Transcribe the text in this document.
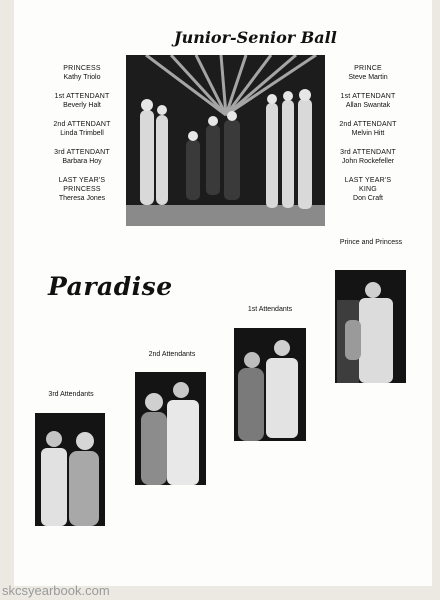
Junior-Senior Ball
PRINCESS
Kathy Triolo
1st ATTENDANT
Beverly Halt
2nd ATTENDANT
Linda Trimbell
3rd ATTENDANT
Barbara Hoy
LAST YEAR'S PRINCESS
Theresa Jones
PRINCE
Steve Martin
1st ATTENDANT
Allan Swantak
2nd ATTENDANT
Melvin Hitt
3rd ATTENDANT
John Rockefeller
LAST YEAR'S KING
Don Craft
Paradise
Prince and Princess
1st Attendants
2nd Attendants
3rd Attendants
skcsyearbook.com
